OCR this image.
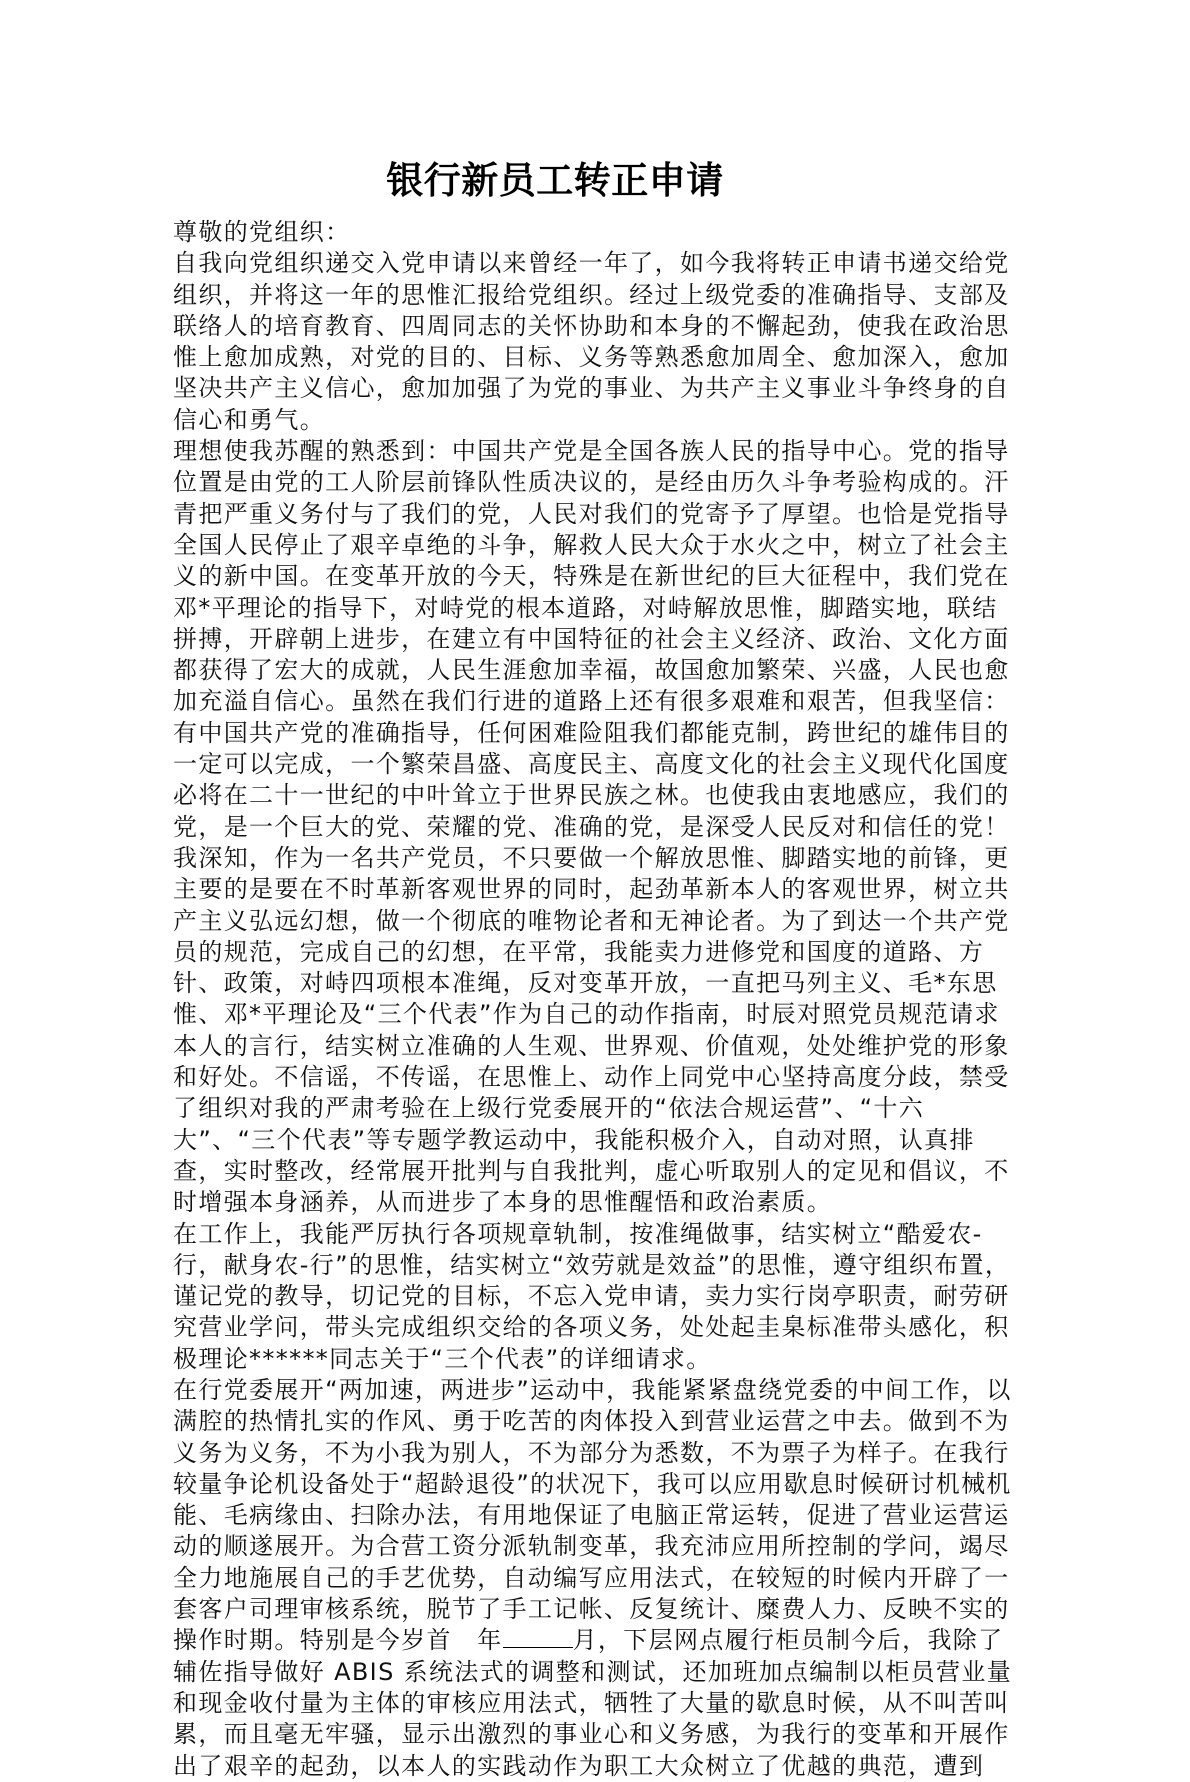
银行新员工转正申请

尊敬的党组织：

自我向党组织递交入党申请以来曾经一年了，如今我将转正申请书递交给党组织，并将这一年的思惟汇报给党组织。经过上级党委的准确指导、支部及联络人的培育教育、四周同志的关怀协助和本身的不懈起劲，使我在政治思惟上愈加成熟，对党的目的、目标、义务等熟悉愈加周全、愈加深入，愈加坚决共产主义信心，愈加加强了为党的事业、为共产主义事业斗争终身的自信心和勇气。

理想使我苏醒的熟悉到：中国共产党是全国各族人民的指导中心。党的指导位置是由党的工人阶层前锋队性质决议的，是经由历久斗争考验构成的。汗青把严重义务付与了我们的党，人民对我们的党寄予了厚望。也恰是党指导全国人民停止了艰辛卓绝的斗争，解救人民大众于水火之中，树立了社会主义的新中国。在变革开放的今天，特殊是在新世纪的巨大征程中，我们党在邓*平理论的指导下，对峙党的根本道路，对峙解放思惟，脚踏实地，联结拼搏，开辟朝上进步，在建立有中国特征的社会主义经济、政治、文化方面都获得了宏大的成就，人民生涯愈加幸福，故国愈加繁荣、兴盛，人民也愈加充溢自信心。虽然在我们行进的道路上还有很多艰难和艰苦，但我坚信：有中国共产党的准确指导，任何困难险阻我们都能克制，跨世纪的雄伟目的一定可以完成，一个繁荣昌盛、高度民主、高度文化的社会主义现代化国度必将在二十一世纪的中叶耸立于世界民族之林。也使我由衷地感应，我们的党，是一个巨大的党、荣耀的党、准确的党，是深受人民反对和信任的党！

我深知，作为一名共产党员，不只要做一个解放思惟、脚踏实地的前锋，更主要的是要在不时革新客观世界的同时，起劲革新本人的客观世界，树立共产主义弘远幻想，做一个彻底的唯物论者和无神论者。为了到达一个共产党员的规范，完成自己的幻想，在平常，我能卖力进修党和国度的道路、方针、政策，对峙四项根本准绳，反对变革开放，一直把马列主义、毛*东思惟、邓*平理论及“三个代表”作为自己的动作指南，时辰对照党员规范请求本人的言行，结实树立准确的人生观、世界观、价值观，处处维护党的形象和好处。不信谣，不传谣，在思惟上、动作上同党中心坚持高度分歧，禁受了组织对我的严肃考验在上级行党委展开的“依法合规运营”、“十六大”、“三个代表”等专题学教运动中，我能积极介入，自动对照，认真排查，实时整改，经常展开批判与自我批判，虚心听取别人的定见和倡议，不时增强本身涵养，从而进步了本身的思惟醒悟和政治素质。

在工作上，我能严厉执行各项规章轨制，按准绳做事，结实树立“酷爱农-行，献身农-行”的思惟，结实树立“效劳就是效益”的思惟，遵守组织布置，谨记党的教导，切记党的目标，不忘入党申请，卖力实行岗亭职责，耐劳研究营业学问，带头完成组织交给的各项义务，处处起圭臬标准带头感化，积极理论******同志关于“三个代表”的详细请求。

在行党委展开“两加速，两进步”运动中，我能紧紧盘绕党委的中间工作，以满腔的热情扎实的作风、勇于吃苦的肉体投入到营业运营之中去。做到不为义务为义务，不为小我为别人，不为部分为悉数，不为票子为样子。在我行较量争论机设备处于“超龄退役”的状况下，我可以应用歇息时候研讨机械机能、毛病缘由、扫除办法，有用地保证了电脑正常运转，促进了营业运营运动的顺遂展开。为合营工资分派轨制变革，我充沛应用所控制的学问，竭尽全力地施展自己的手艺优势，自动编写应用法式，在较短的时候内开辟了一套客户司理审核系统，脱节了手工记帐、反复统计、糜费人力、反映不实的操作时期。特别是今岁首　年	月，下层网点履行柜员制今后，我除了辅佐指导做好 ABIS 系统法式的调整和测试，还加班加点编制以柜员营业量和现金收付量为主体的审核应用法式，牺牲了大量的歇息时候，从不叫苦叫累，而且毫无牢骚，显示出激烈的事业心和义务感，为我行的变革和开展作出了艰辛的起劲，以本人的实践动作为职工大众树立了优越的典范，遭到
